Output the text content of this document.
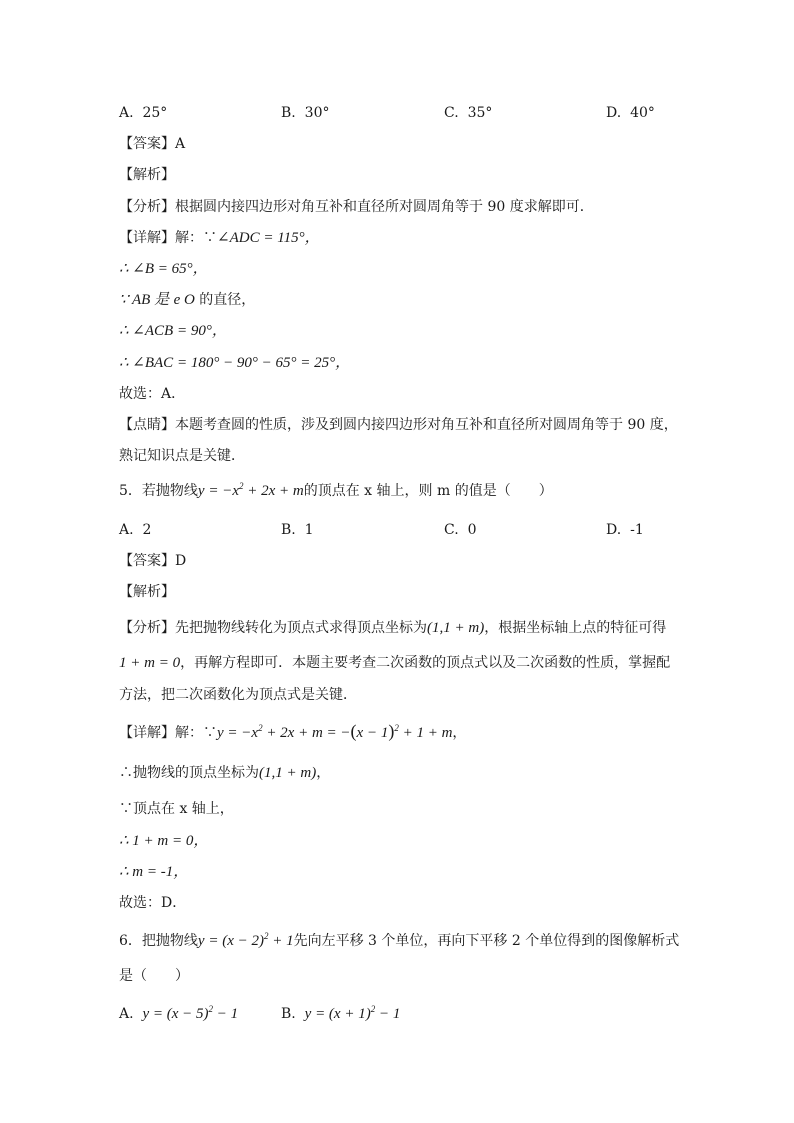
A. 25°	B. 30°	C. 35°	D. 40°
【答案】A
【解析】
【分析】根据圆内接四边形对角互补和直径所对圆周角等于 90 度求解即可．
【详解】解：∵∠ADC = 115°，
∴ ∠B = 65°，
∵ AB 是 e O 的直径，
∴ ∠ACB = 90°，
∴ ∠BAC = 180° − 90° − 65° = 25°，
故选：A．
【点睛】本题考查圆的性质，涉及到圆内接四边形对角互补和直径所对圆周角等于 90 度，
熟记知识点是关键．
5．若抛物线$y = -x^2 + 2x + m$的顶点在 x 轴上，则 m 的值是（　　）
A. 2	B. 1	C. 0	D. -1
【答案】D
【解析】
【分析】先把抛物线转化为顶点式求得顶点坐标为(1,1 + m)，根据坐标轴上点的特征可得
1 + m = 0，再解方程即可．本题主要考查二次函数的顶点式以及二次函数的性质，掌握配
方法，把二次函数化为顶点式是关键．
【详解】解：∵y = $-x^2 + 2x + m = -(x - 1)^2 + 1 + m$，
∴抛物线的顶点坐标为(1,1 + m)，
∵顶点在 x 轴上，
∴ 1 + m = 0，
∴ m = -1，
故选：D．
6．把抛物线$y = (x - 2)^2 + 1$先向左平移 3 个单位，再向下平移 2 个单位得到的图像解析式
是（　　）
A. $y = (x - 5)^2 - 1$	B. $y = (x + 1)^2 - 1$
